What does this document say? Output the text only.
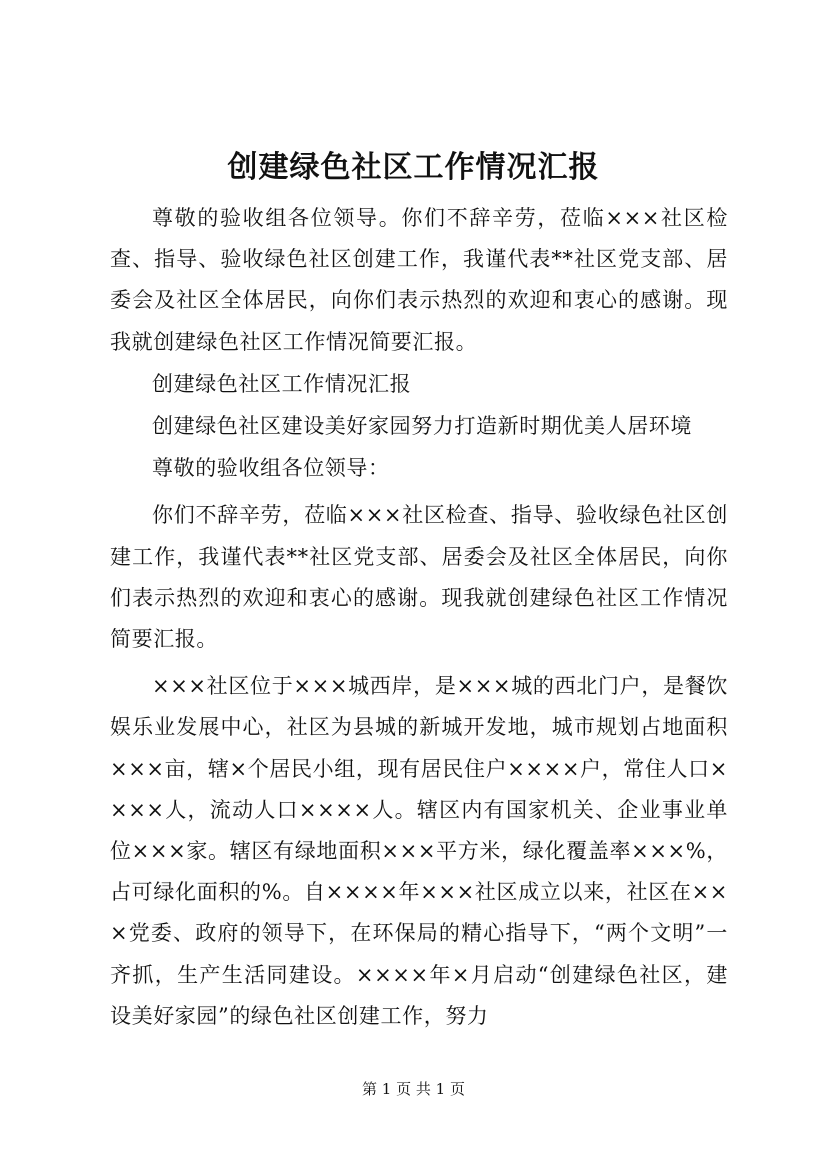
创建绿色社区工作情况汇报

尊敬的验收组各位领导。你们不辞辛劳，莅临×××社区检查、指导、验收绿色社区创建工作，我谨代表**社区党支部、居委会及社区全体居民，向你们表示热烈的欢迎和衷心的感谢。现我就创建绿色社区工作情况简要汇报。

创建绿色社区工作情况汇报

创建绿色社区建设美好家园努力打造新时期优美人居环境

尊敬的验收组各位领导：

你们不辞辛劳，莅临×××社区检查、指导、验收绿色社区创建工作，我谨代表**社区党支部、居委会及社区全体居民，向你们表示热烈的欢迎和衷心的感谢。现我就创建绿色社区工作情况简要汇报。

×××社区位于×××城西岸，是×××城的西北门户，是餐饮娱乐业发展中心，社区为县城的新城开发地，城市规划占地面积×××亩，辖×个居民小组，现有居民住户××××户，常住人口××××人，流动人口××××人。辖区内有国家机关、企业事业单位×××家。辖区有绿地面积×××平方米，绿化覆盖率×××%，占可绿化面积的%。自××××年×××社区成立以来，社区在×××党委、政府的领导下，在环保局的精心指导下，“两个文明”一齐抓，生产生活同建设。××××年×月启动“创建绿色社区，建设美好家园”的绿色社区创建工作，努力

第 1 页 共 1 页
